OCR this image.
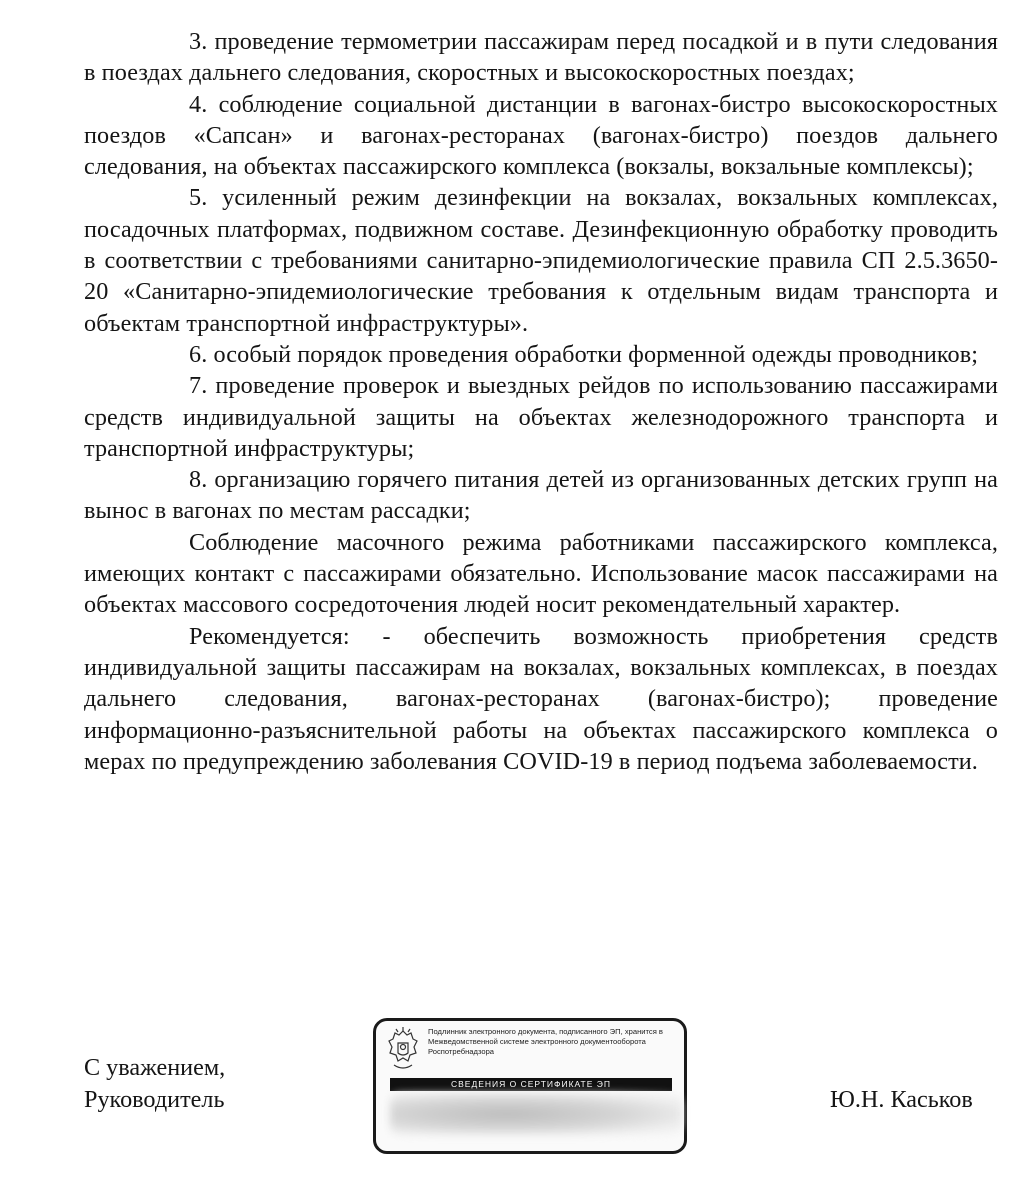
3. проведение термометрии пассажирам перед посадкой и в пути следования в поездах дальнего следования, скоростных и высокоскоростных поездах;

4. соблюдение социальной дистанции в вагонах-бистро высокоскоростных поездов «Сапсан» и вагонах-ресторанах (вагонах-бистро) поездов дальнего следования, на объектах пассажирского комплекса (вокзалы, вокзальные комплексы);

5. усиленный режим дезинфекции на вокзалах, вокзальных комплексах, посадочных платформах, подвижном составе. Дезинфекционную обработку проводить в соответствии с требованиями санитарно-эпидемиологические правила СП 2.5.3650-20 «Санитарно-эпидемиологические требования к отдельным видам транспорта и объектам транспортной инфраструктуры».

6. особый порядок проведения обработки форменной одежды проводников;

7. проведение проверок и выездных рейдов по использованию пассажирами средств индивидуальной защиты на объектах железнодорожного транспорта и транспортной инфраструктуры;

8. организацию горячего питания детей из организованных детских групп на вынос в вагонах по местам рассадки;

Соблюдение масочного режима работниками пассажирского комплекса, имеющих контакт с пассажирами обязательно. Использование масок пассажирами на объектах массового сосредоточения людей носит рекомендательный характер.

Рекомендуется: - обеспечить возможность приобретения средств индивидуальной защиты пассажирам на вокзалах, вокзальных комплексах, в поездах дальнего следования, вагонах-ресторанах (вагонах-бистро); проведение информационно-разъяснительной работы на объектах пассажирского комплекса о мерах по предупреждению заболевания COVID-19 в период подъема заболеваемости.

С уважением,
Руководитель
Подлинник электронного документа, подписанного ЭП, хранится в Межведомственной системе электронного документооборота Роспотребнадзора
СВЕДЕНИЯ О СЕРТИФИКАТЕ ЭП
Ю.Н. Каськов
